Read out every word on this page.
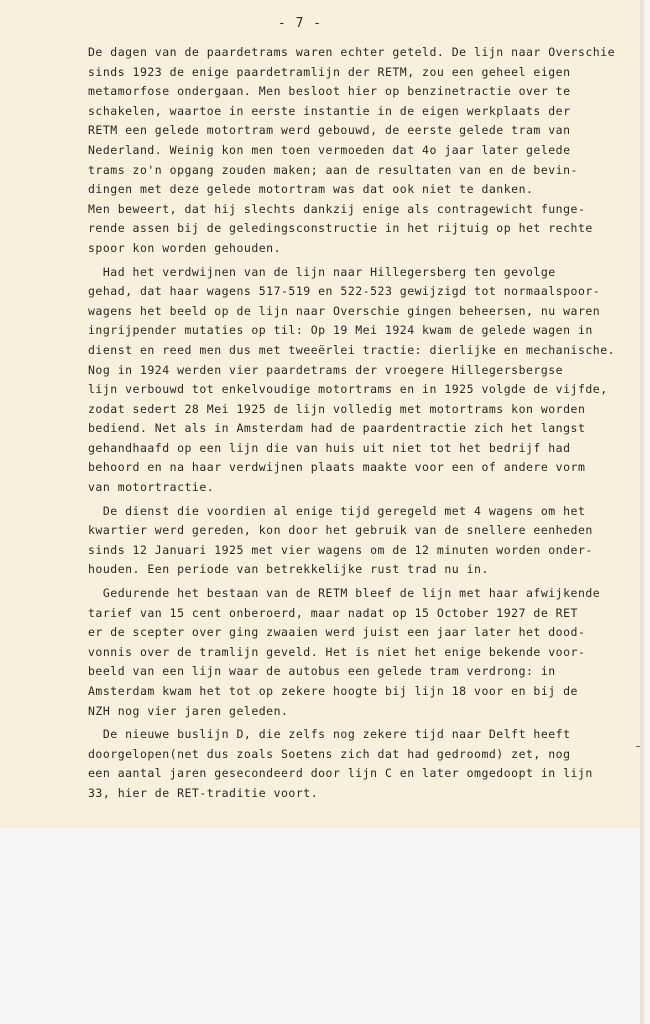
- 7 -
De dagen van de paardetrams waren echter geteld. De lijn naar Overschie
sinds 1923 de enige paardetramlijn der RETM, zou een geheel eigen
metamorfose ondergaan. Men besloot hier op benzinetractie over te
schakelen, waartoe in eerste instantie in de eigen werkplaats der
RETM een gelede motortram werd gebouwd, de eerste gelede tram van
Nederland. Weinig kon men toen vermoeden dat 4o jaar later gelede
trams zo'n opgang zouden maken; aan de resultaten van en de bevin-
dingen met deze gelede motortram was dat ook niet te danken.
Men beweert, dat hij slechts dankzij enige als contragewicht funge-
rende assen bij de geledingsconstructie in het rijtuig op het rechte
spoor kon worden gehouden.
Had het verdwijnen van de lijn naar Hillegersberg ten gevolge
gehad, dat haar wagens 517-519 en 522-523 gewijzigd tot normaalspoor-
wagens het beeld op de lijn naar Overschie gingen beheersen, nu waren
ingrijpender mutaties op til: Op 19 Mei 1924 kwam de gelede wagen in
dienst en reed men dus met tweeërlei tractie: dierlijke en mechanische.
Nog in 1924 werden vier paardetrams der vroegere Hillegersbergse
lijn verbouwd tot enkelvoudige motortrams en in 1925 volgde de vijfde,
zodat sedert 28 Mei 1925 de lijn volledig met motortrams kon worden
bediend. Net als in Amsterdam had de paardentractie zich het langst
gehandhaafd op een lijn die van huis uit niet tot het bedrijf had
behoord en na haar verdwijnen plaats maakte voor een of andere vorm
van motortractie.
De dienst die voordien al enige tijd geregeld met 4 wagens om het
kwartier werd gereden, kon door het gebruik van de snellere eenheden
sinds 12 Januari 1925 met vier wagens om de 12 minuten worden onder-
houden. Een periode van betrekkelijke rust trad nu in.
Gedurende het bestaan van de RETM bleef de lijn met haar afwijkende
tarief van 15 cent onberoerd, maar nadat op 15 October 1927 de RET
er de scepter over ging zwaaien werd juist een jaar later het dood-
vonnis over de tramlijn geveld. Het is niet het enige bekende voor-
beeld van een lijn waar de autobus een gelede tram verdrong: in
Amsterdam kwam het tot op zekere hoogte bij lijn 18 voor en bij de
NZH nog vier jaren geleden.
De nieuwe buslijn D, die zelfs nog zekere tijd naar Delft heeft
doorgelopen(net dus zoals Soetens zich dat had gedroomd) zet, nog
een aantal jaren gesecondeerd door lijn C en later omgedoopt in lijn
33, hier de RET-traditie voort.
